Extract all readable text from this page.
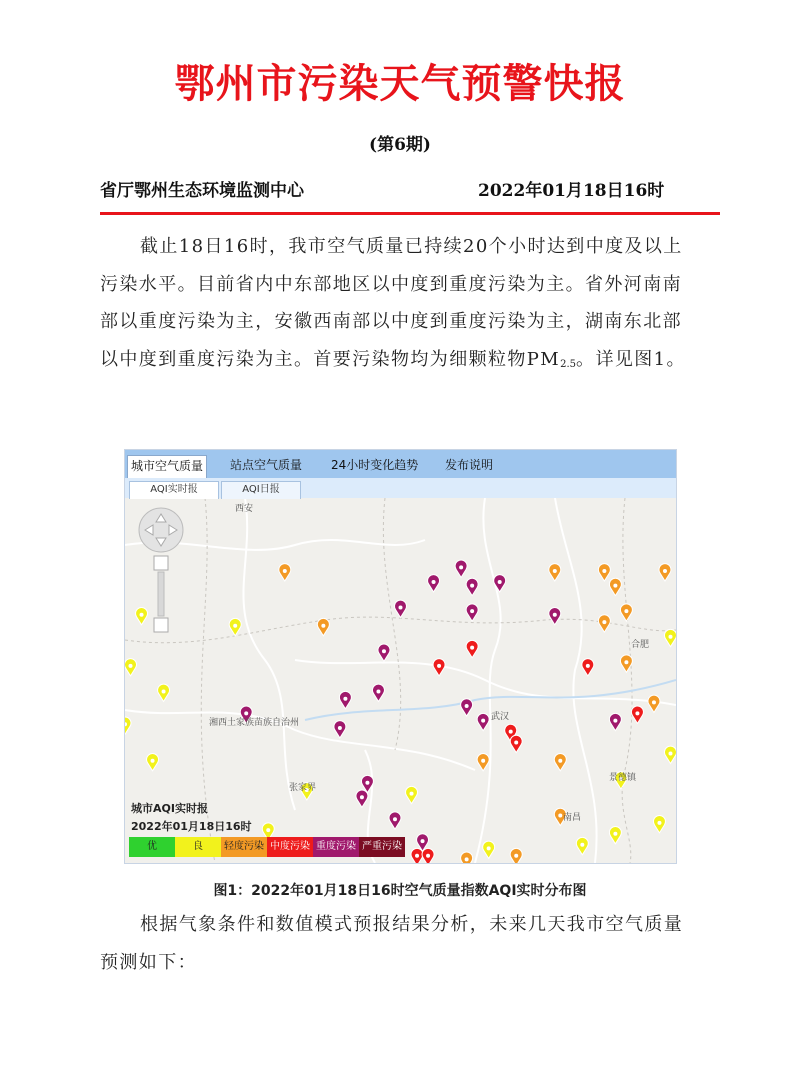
鄂州市污染天气预警快报
(第6期)
省厅鄂州生态环境监测中心	2022年01月18日16时
截止18日16时，我市空气质量已持续20个小时达到中度及以上污染水平。目前省内中东部地区以中度到重度污染为主。省外河南南部以重度污染为主，安徽西南部以中度到重度污染为主，湖南东北部以中度到重度污染为主。首要污染物均为细颗粒物$PM_{2.5}$。详见图1。
城市空气质量	站点空气质量 24小时变化趋势 发布说明
AQI实时报	AQI日报
西安
武汉
合肥
南昌
张家界
湘西土家族苗族自治州
景德镇
城市AQI实时报
2022年01月18日16时
优	良	轻度污染 中度污染 重度污染 严重污染
图1：2022年01月18日16时空气质量指数AQI实时分布图
根据气象条件和数值模式预报结果分析，未来几天我市空气质量预测如下：
